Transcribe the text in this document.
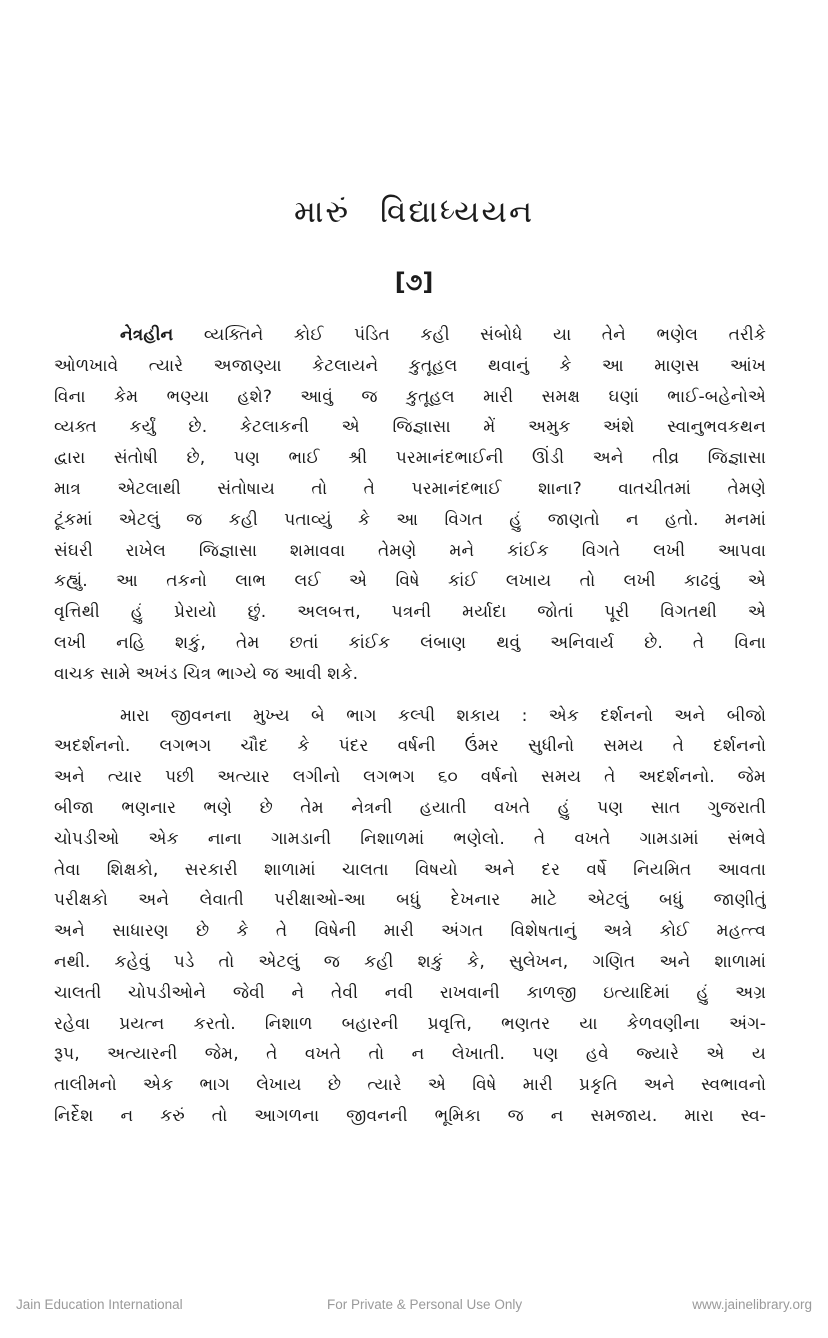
મારું વિદ્યાધ્યયન
[૭]
નેત્રહીન વ્યક્તિને કોઈ પંડિત કહી સંબોધે યા તેને ભણેલ તરીકે
ઓળખાવે ત્યારે અજાણ્યા કેટલાયને કુતૂહલ થવાનું કે આ માણસ આંખ
વિના કેમ ભણ્યા હશે? આવું જ કુતૂહલ મારી સમક્ષ ઘણાં ભાઈ-બહેનોએ
વ્યક્ત કર્યું છે. કેટલાકની એ જિજ્ઞાસા મેં અમુક અંશે સ્વાનુભવકથન
દ્વારા સંતોષી છે, પણ ભાઈ શ્રી પરમાનંદભાઈની ઊંડી અને તીવ્ર જિજ્ઞાસા
માત્ર એટલાથી સંતોષાય તો તે પરમાનંદભાઈ શાના? વાતચીતમાં તેમણે
ટૂંકમાં એટલું જ કહી પતાવ્યું કે આ વિગત હું જાણતો ન હતો. મનમાં
સંઘરી રાખેલ જિજ્ઞાસા શમાવવા તેમણે મને કાંઈક વિગતે લખી આપવા
કહ્યું. આ તકનો લાભ લઈ એ વિષે કાંઈ લખાય તો લખી કાઢવું એ
વૃત્તિથી હું પ્રેરાયો છું. અલબત્ત, પત્રની મર્યાદા જોતાં પૂરી વિગતથી એ
લખી નહિ શકું, તેમ છતાં કાંઈક લંબાણ થવું અનિવાર્ય છે. તે વિના
વાચક સામે અખંડ ચિત્ર ભાગ્યે જ આવી શકે.
મારા જીવનના મુખ્ય બે ભાગ કલ્પી શકાય : એક દર્શનનો અને બીજો
અદર્શનનો. લગભગ ચૌદ કે પંદર વર્ષની ઉંમર સુધીનો સમય તે દર્શનનો
અને ત્યાર પછી અત્યાર લગીનો લગભગ ૬૦ વર્ષનો સમય તે અદર્શનનો. જેમ
બીજા ભણનાર ભણે છે તેમ નેત્રની હયાતી વખતે હું પણ સાત ગુજરાતી
ચોપડીઓ એક નાના ગામડાની નિશાળમાં ભણેલો. તે વખતે ગામડામાં સંભવે
તેવા શિક્ષકો, સરકારી શાળામાં ચાલતા વિષયો અને દર વર્ષે નિયમિત આવતા
પરીક્ષકો અને લેવાતી પરીક્ષાઓ-આ બધું દેખનાર માટે એટલું બધું જાણીતું
અને સાધારણ છે કે તે વિષેની મારી અંગત વિશેષતાનું અત્રે કોઈ મહત્ત્વ
નથી. કહેવું પડે તો એટલું જ કહી શકું કે, સુલેખન, ગણિત અને શાળામાં
ચાલતી ચોપડીઓને જેવી ને તેવી નવી રાખવાની કાળજી ઇત્યાદિમાં હું અગ્ર
રહેવા પ્રયત્ન કરતો. નિશાળ બહારની પ્રવૃત્તિ, ભણતર યા કેળવણીના અંગ-
રૂપ, અત્યારની જેમ, તે વખતે તો ન લેખાતી. પણ હવે જ્યારે એ ય
તાલીમનો એક ભાગ લેખાય છે ત્યારે એ વિષે મારી પ્રકૃતિ અને સ્વભાવનો
નિર્દેશ ન કરું તો આગળના જીવનની ભૂમિકા જ ન સમજાય. મારા સ્વ-
Jain Education International	For Private & Personal Use Only	www.jainelibrary.org
